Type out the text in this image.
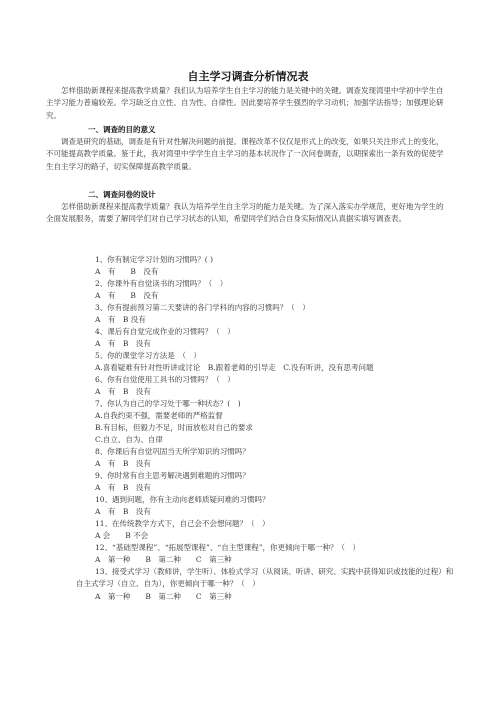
自主学习调查分析情况表

怎样借助新课程来提高教学质量？我们认为培养学生自主学习的能力是关键中的关键。调查发现湾里中学初中学生自主学习能力普遍较差。学习缺乏自立性、自为性、自律性。因此要培养学生强烈的学习动机；加强学法指导；加强理论研究。

一、调查的目的意义

调查是研究的基础，调查是有针对性解决问题的前提。课程改革不仅仅是形式上的改变，如果只关注形式上的变化，不可能提高教学质量。鉴于此，我对湾里中学学生自主学习的基本状况作了一次问卷调查，以期探索出一条有效的促使学生自主学习的路子，切实保障提高教学质量。

二、调查问卷的设计

怎样借助新课程来提高教学质量？我认为培养学生自主学习的能力是关键。为了深入落实办学规范，更好地为学生的全面发展服务，需要了解同学们对自己学习状态的认知，希望同学们结合自身实际情况认真据实填写调查表。

1、你有制定学习计划的习惯吗？( )
A　有　　B　没有
2、你课外有自觉读书的习惯吗？（　）
A　有　　B　没有
3、你有提前预习第二天要讲的各门学科的内容的习惯吗？（　）
A　有　B 没有
4、课后有自觉完成作业的习惯吗？（　）
A　有　B　没有
5、你的课堂学习方法是　（　）
A.喜看疑难有针对性听讲或讨论　B.跟着老师的引导走　C.没有听讲，没有思考问题
6、你有自觉使用工具书的习惯吗？（　）
A　有　B　没有
7、你认为自己的学习处于哪一种状态？(　)
A.自我约束不强，需要老师的严格监督
B.有目标，但毅力不足，时而放松对自己的要求
C.自立、自为、自律
8、你课后有自觉巩固当天所学知识的习惯吗？
A　有　B　没有
9、你时常有自主思考解决遇到难题的习惯吗？
A　有　B　没有
10、遇到问题，你有主动向老师质疑问难的习惯吗？
A　有　B　没有
11、在传统教学方式下，自己会不会想问题？（　）
A 会　　B 不会
12、“基础型课程”、“拓展型课程”、“自主型课程”，你更倾向于哪一种？（　）
A　第一种　　B　第二种　　C　第三种

13、接受式学习（教师讲，学生听）、体验式学习（从阅读、听讲、研究、实践中获得知识或技能的过程）和自主式学习（自立、自为），你更倾向于哪一种？（　）

A　第一种　　B　第二种　　C　第三种
